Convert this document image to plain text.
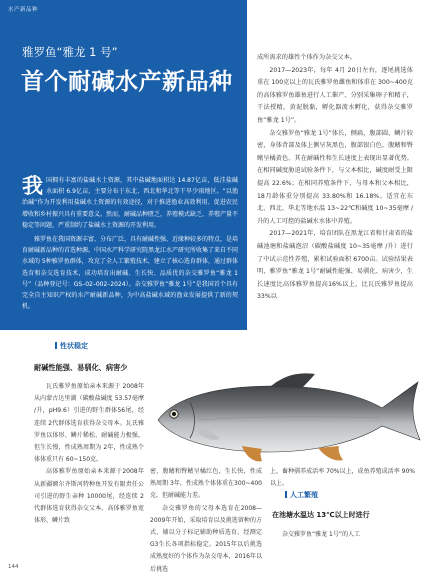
水产新品种
雅罗鱼“雅龙 1 号”
首个耐碱水产新品种

我国拥有丰富的盐碱水土资源，其中盐碱地面积达 14.87亿亩，低洼盐碱水面积 6.9亿亩，主要分布于东北、西北和华北等干旱少雨地区。“以渔治碱”作为开发利用盐碱水土资源的有效途径，对于推进渔业高效利用、促进农民增收和乡村振兴具有重要意义。然而，耐碱品种匮乏，养殖模式缺乏，养殖产量不稳定等问题，严重制约了盐碱水土资源的开发利用。

雅罗鱼在我国资源丰富、分布广泛，具有耐碱性强、近缘种较多的特点，是培育耐碱新品种的首选种源。中国水产科学研究院黑龙江水产研究所收集了来自不同水域的 5种雅罗鱼群体，攻克了全人工繁殖技术，建立了核心选育群体，通过群体选育和杂交选育技术，成功培育出耐碱、生长快、品质优的杂交雅罗鱼“雅龙 1号”（品种登记号：GS–02–002–2024）。杂交雅罗鱼“雅龙 1号”是我国首个具有完全自主知识产权的水产耐碱新品种，为中高盐碱水域的渔业发展提供了新的契机。

成所需求的雄性个体作为杂交父本。

2017—2023年，每年 4月 20日左右，逐尾挑选体重在 100克以上的瓦氏雅罗鱼雌鱼和体重在 300~400克的高体雅罗鱼雄鱼进行人工催产、分别采集卵子和精子，干法授精，黄泥脱黏，孵化器流水孵化，获得杂交雅罗鱼“雅龙 1号”。

杂交雅罗鱼“雅龙 1号”体长，侧扁，腹部圆，鳞片较密，身体背部及体上侧呈灰黑色，腹部银白色，腹鳍和臀鳍呈橘黄色。其在耐碱性和生长速度上表现出显著优势。在相同碱度胁迫试验条件下，与父本相比，碱度耐受上限提高 22.6%；在相同养殖条件下，与母本和父本相比，18月龄体重分别提高 33.80%和 16.18%。适宜在东北、西北、华北等地水温 13~22℃和碱度 10~35毫摩 /升的人工可控的盐碱水水体中养殖。

2017—2021年，培育团队在黑龙江省和甘肃省的盐碱池塘和盐碱泡沼（碳酸盐碱度 10~35毫摩 /升）进行了中试示范性养殖，累积试验面积 6700亩。试验结果表明，雅罗鱼“雅龙 1号”耐碱性能强、易驯化、病害少，生长速度比高体雅罗鱼提高16%以上，比瓦氏雅罗鱼提高 33%以

性状稳定
耐碱性能强、易驯化、病害少

瓦氏雅罗鱼原始亲本来源于 2008年从内蒙古达里湖（碳酸盐碱度 53.57毫摩 /升，pH9.6）引进的野生群体56尾，经连续 2代群体选育获得杂交母本。瓦氏雅罗鱼以体形、鳞片稀松、耐碱能力极强，但生长慢，性成熟周期为 2年，性成熟个体体重只有 60~150克。

高体雅罗鱼原始亲本来源于2008年从新疆额尔齐斯河特种鱼开发有限责任公司引进的野生亲种 10000尾，经连续 2代群体选育获得杂交父本。高体雅罗鱼宽体形，鳞片致

密，腹鳍和臀鳍呈橘红色，生长快，性成熟周期 3年，性成熟个体体重在300~400克，但耐碱能力差。

杂交雅罗鱼的父母本选育在2008—2009年开始，采取培育以及挑选留种的方式，辅以分子标记辅助种质选育，经测定 G3生长各项指标稳定。2015年以后挑选成熟度好的个体作为杂交母本，2016年以后挑选

上，畜种驯养成活率 70%以上，成鱼养殖成活率 90%以上。

人工繁殖
在池塘水温达 13℃以上时进行

杂交雅罗鱼“雅龙 1号”的人工

144
